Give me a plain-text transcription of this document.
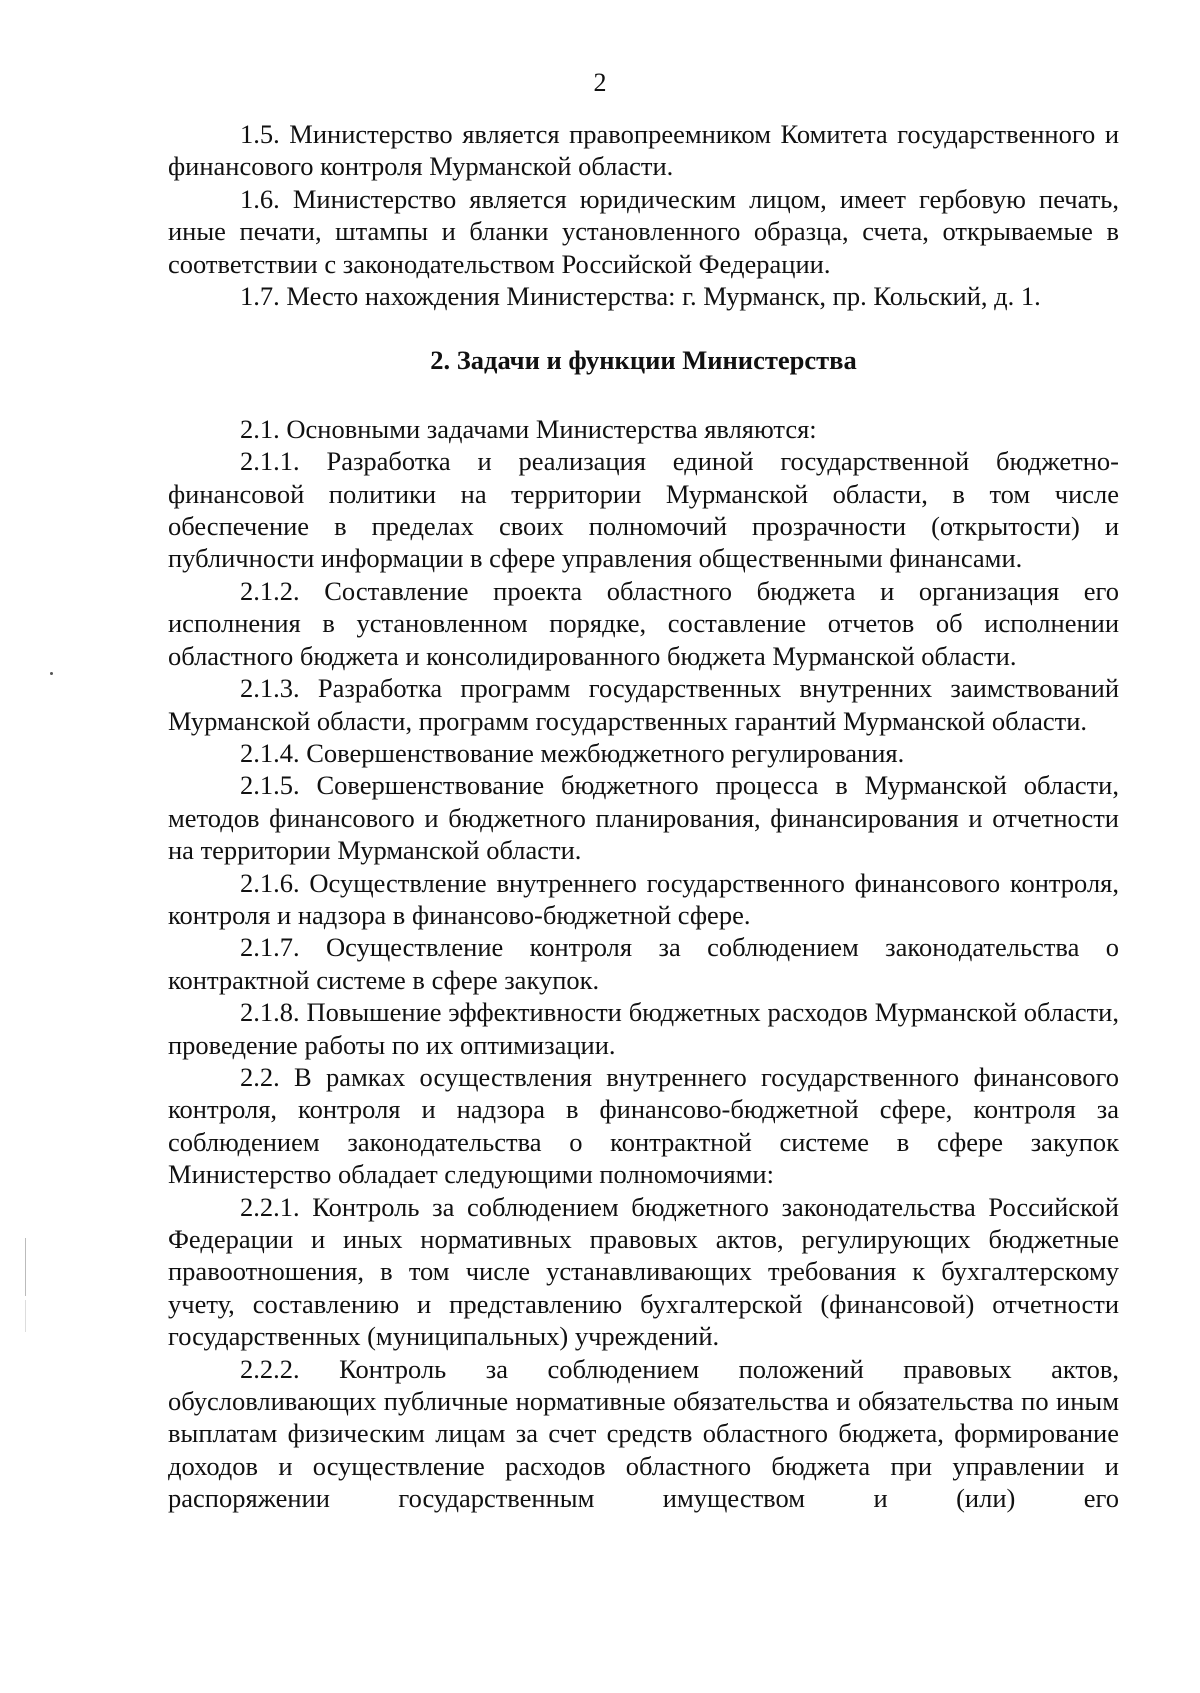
2

1.5. Министерство является правопреемником Комитета государственного и финансового контроля Мурманской области.

1.6. Министерство является юридическим лицом, имеет гербовую печать, иные печати, штампы и бланки установленного образца, счета, открываемые в соответствии с законодательством Российской Федерации.

1.7. Место нахождения Министерства: г. Мурманск, пр. Кольский, д. 1.

2. Задачи и функции Министерства

2.1. Основными задачами Министерства являются:

2.1.1. Разработка и реализация единой государственной бюджетно-финансовой политики на территории Мурманской области, в том числе обеспечение в пределах своих полномочий прозрачности (открытости) и публичности информации в сфере управления общественными финансами.

2.1.2. Составление проекта областного бюджета и организация его исполнения в установленном порядке, составление отчетов об исполнении областного бюджета и консолидированного бюджета Мурманской области.

2.1.3. Разработка программ государственных внутренних заимствований Мурманской области, программ государственных гарантий Мурманской области.

2.1.4. Совершенствование межбюджетного регулирования.

2.1.5. Совершенствование бюджетного процесса в Мурманской области, методов финансового и бюджетного планирования, финансирования и отчетности на территории Мурманской области.

2.1.6. Осуществление внутреннего государственного финансового контроля, контроля и надзора в финансово-бюджетной сфере.

2.1.7. Осуществление контроля за соблюдением законодательства о контрактной системе в сфере закупок.

2.1.8. Повышение эффективности бюджетных расходов Мурманской области, проведение работы по их оптимизации.

2.2. В рамках осуществления внутреннего государственного финансового контроля, контроля и надзора в финансово-бюджетной сфере, контроля за соблюдением законодательства о контрактной системе в сфере закупок Министерство обладает следующими полномочиями:

2.2.1. Контроль за соблюдением бюджетного законодательства Российской Федерации и иных нормативных правовых актов, регулирующих бюджетные правоотношения, в том числе устанавливающих требования к бухгалтерскому учету, составлению и представлению бухгалтерской (финансовой) отчетности государственных (муниципальных) учреждений.

2.2.2. Контроль за соблюдением положений правовых актов, обусловливающих публичные нормативные обязательства и обязательства по иным выплатам физическим лицам за счет средств областного бюджета, формирование доходов и осуществление расходов областного бюджета при управлении и распоряжении государственным имуществом и (или) его
